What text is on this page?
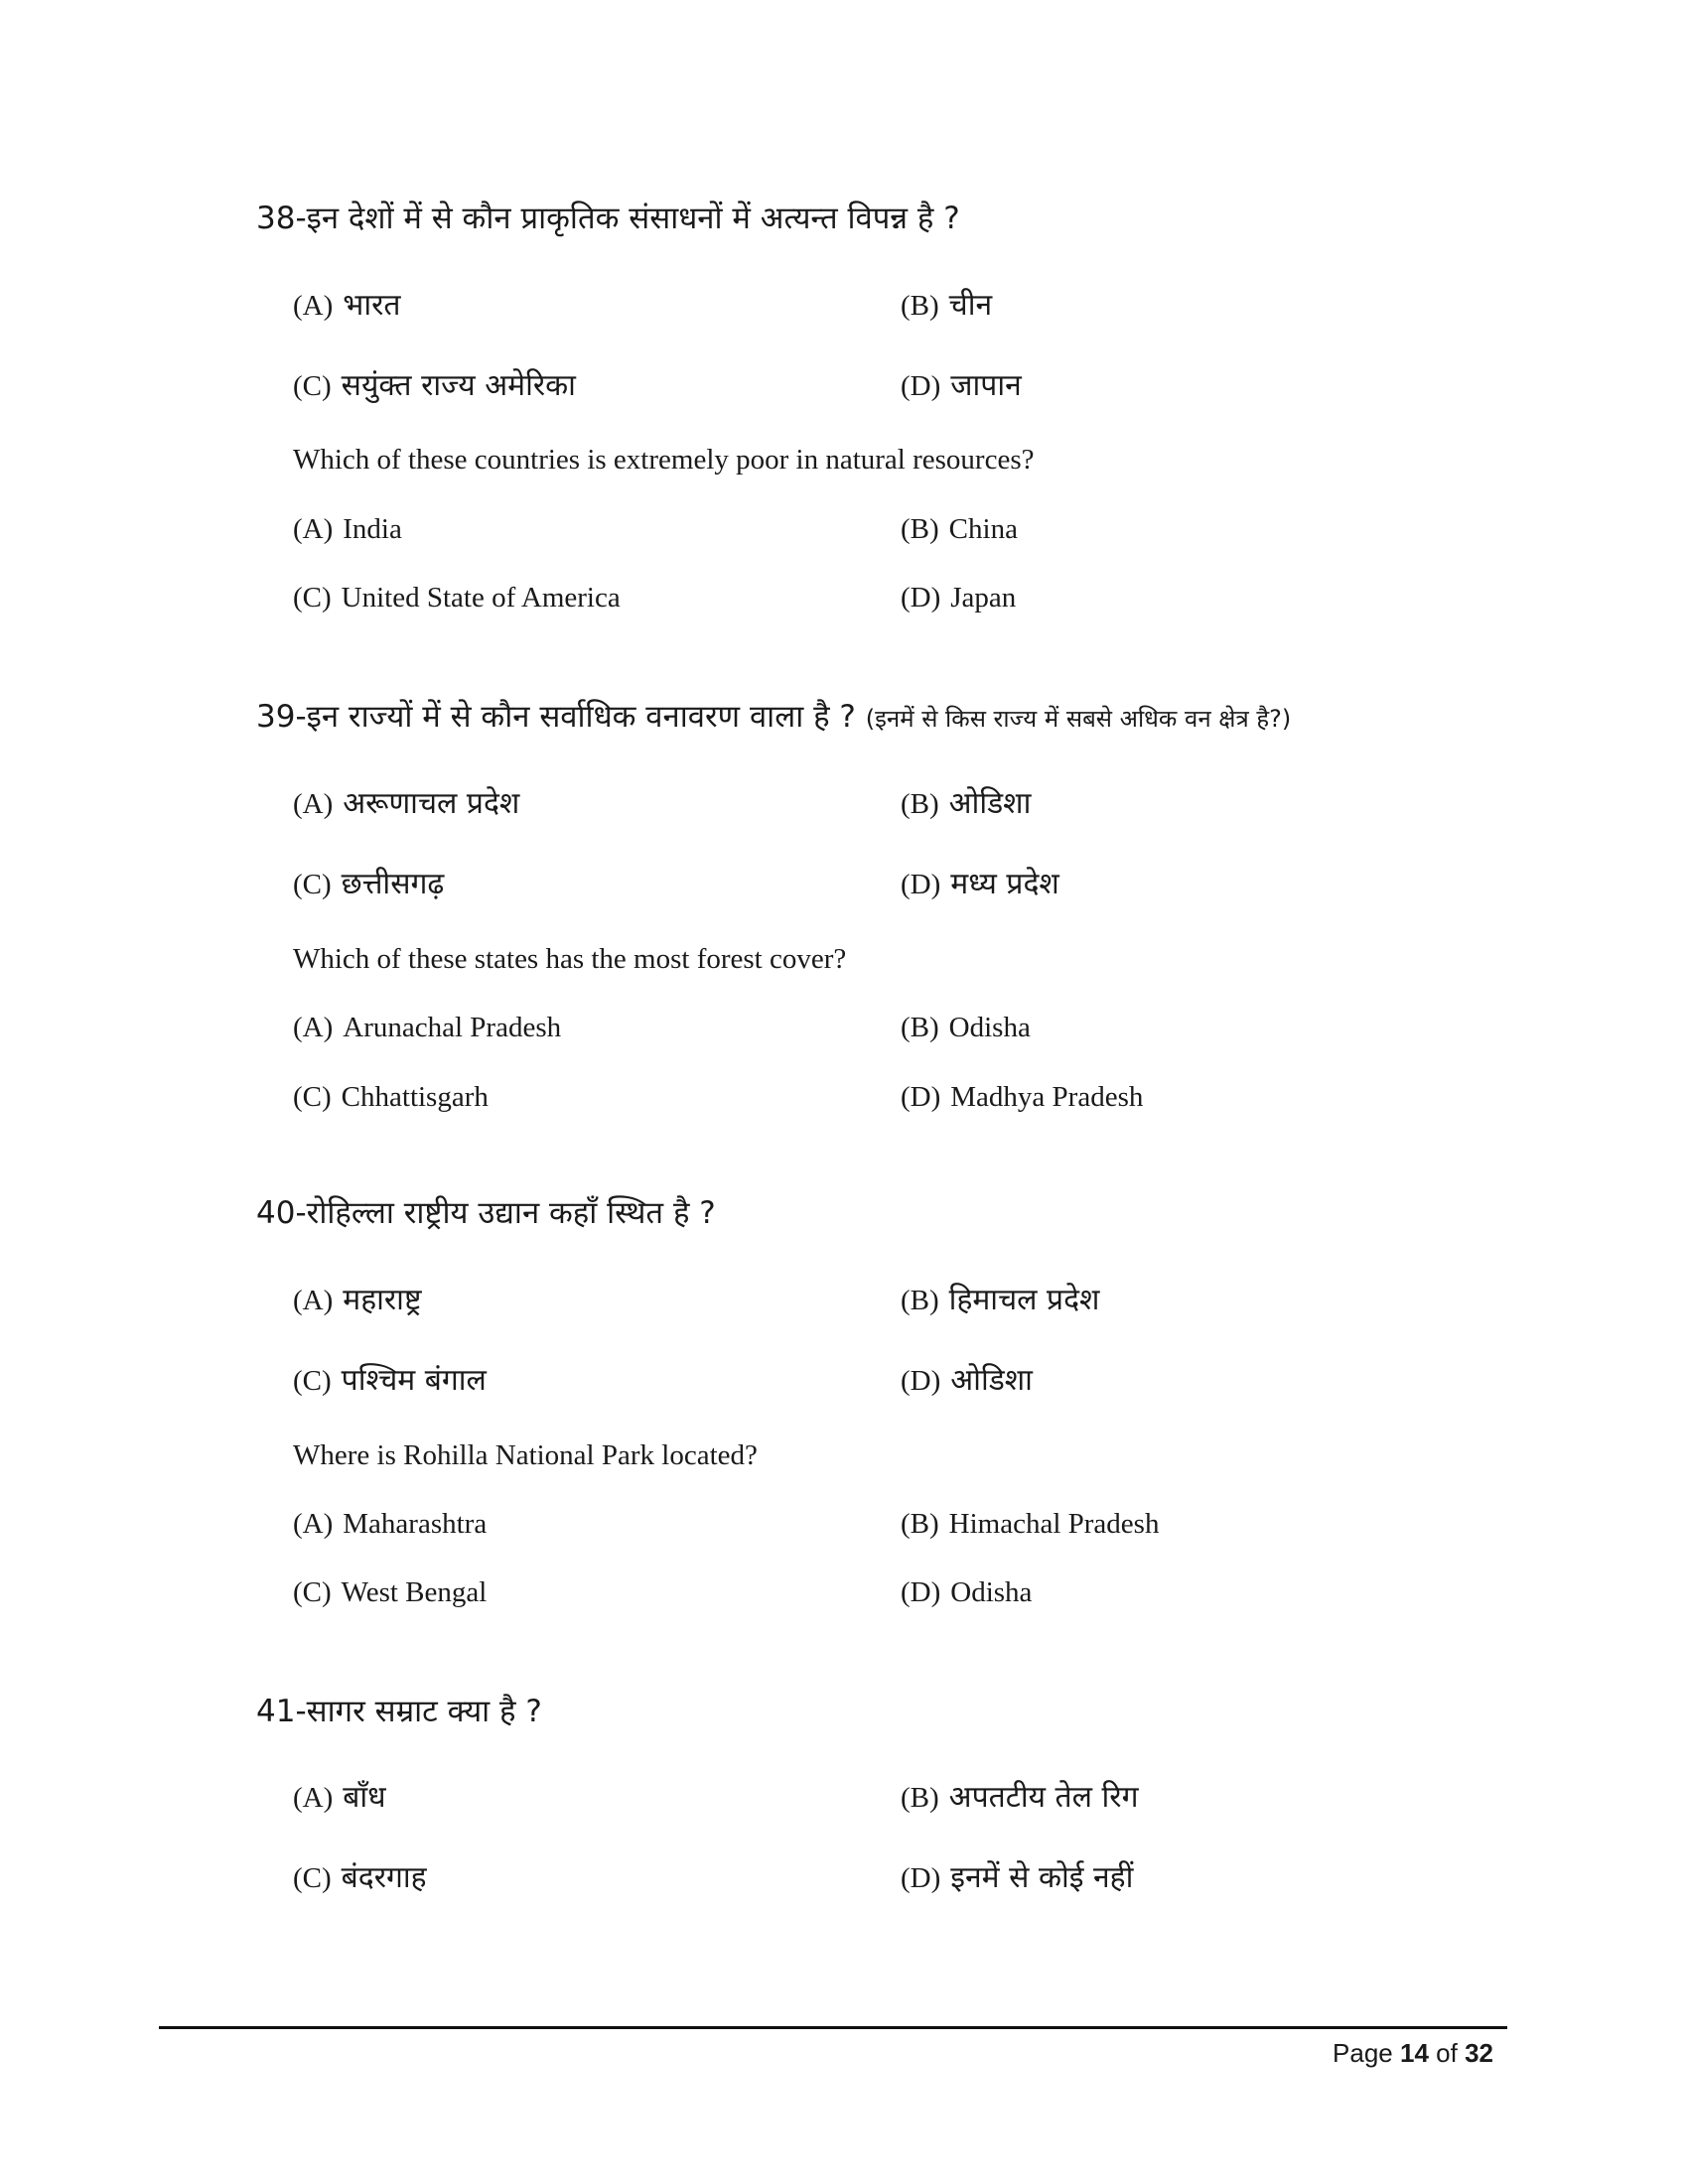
38-इन देशों में से कौन प्राकृतिक संसाधनों में अत्यन्त विपन्न है ?
(A) भारत	(B) चीन
(C) सयुंक्त राज्य अमेरिका	(D) जापान
Which of these countries is extremely poor in natural resources?
(A) India	(B) China
(C) United State of America	(D) Japan
39-इन राज्यों में से कौन सर्वाधिक वनावरण वाला है ? (इनमें से किस राज्य में सबसे अधिक वन क्षेत्र है?)
(A) अरूणाचल प्रदेश	(B) ओडिशा
(C) छत्तीसगढ़	(D) मध्य प्रदेश
Which of these states has the most forest cover?
(A) Arunachal Pradesh	(B) Odisha
(C) Chhattisgarh	(D) Madhya Pradesh
40-रोहिल्ला राष्ट्रीय उद्यान कहाँ स्थित है ?
(A) महाराष्ट्र	(B) हिमाचल प्रदेश
(C) पश्चिम बंगाल	(D) ओडिशा
Where is Rohilla National Park located?
(A) Maharashtra	(B) Himachal Pradesh
(C) West Bengal	(D) Odisha
41-सागर सम्राट क्या है ?
(A) बाँध	(B) अपतटीय तेल रिग
(C) बंदरगाह	(D) इनमें से कोई नहीं
Page 14 of 32
